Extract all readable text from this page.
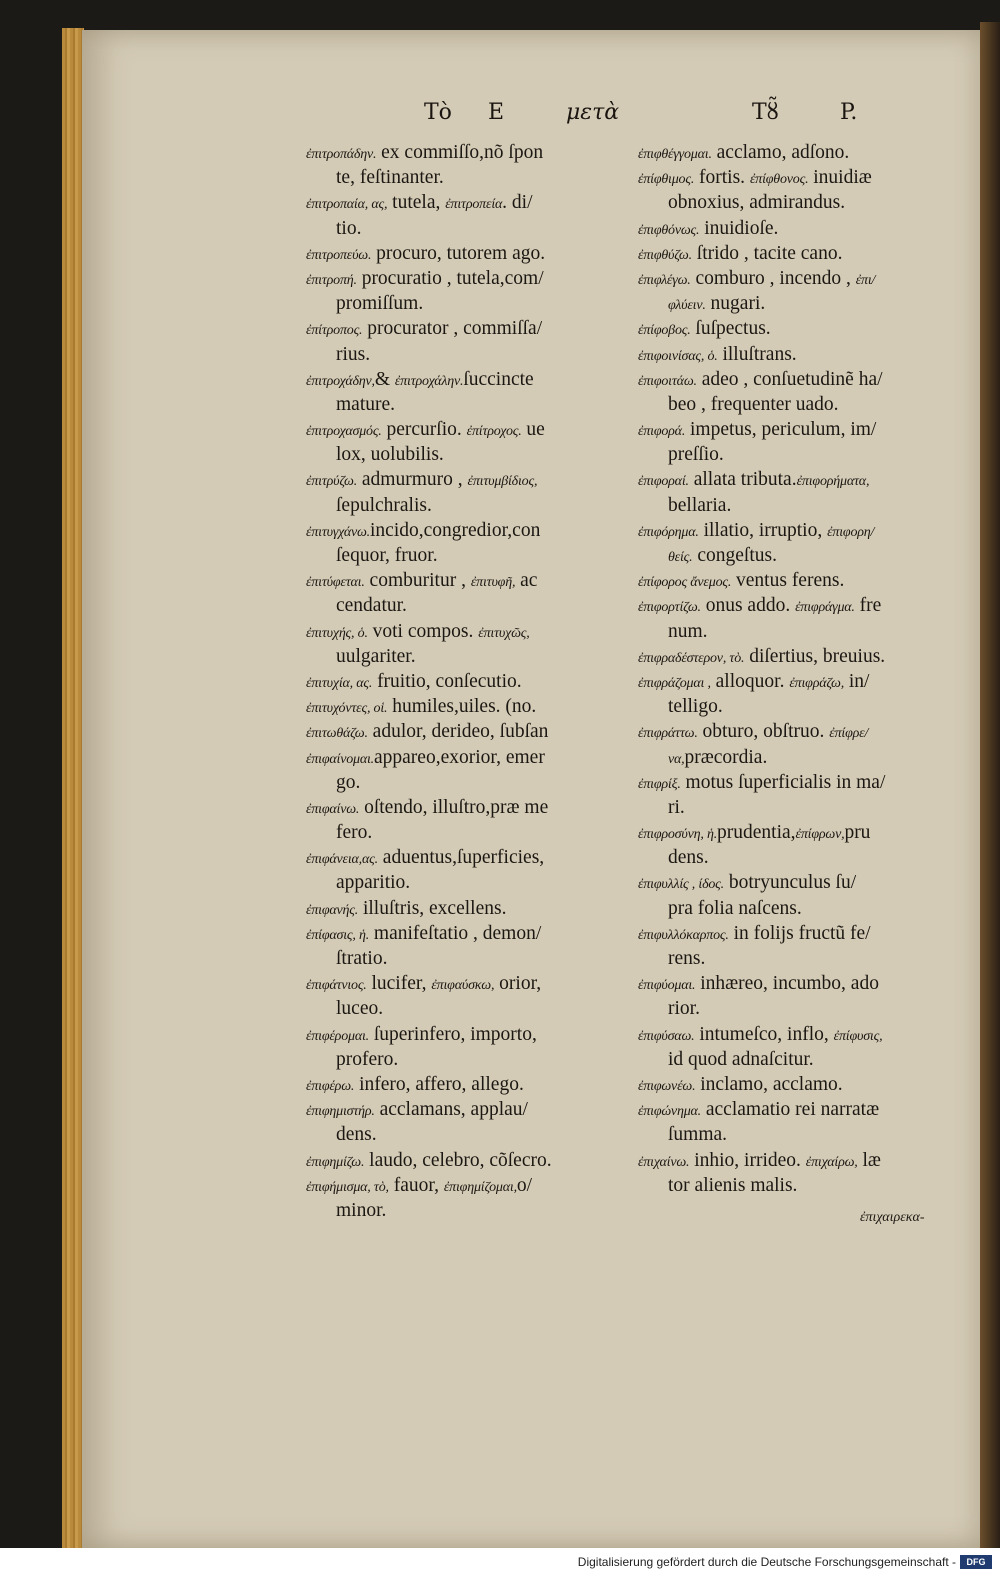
Τὸ E	μετὰ	Τȣ̃	P.
ἐπιτροπάδην. ex commiſſo,nõ ſpon
te, feſtinanter.
ἐπιτροπαία, ας, tutela, ἐπιτροπεία. di/
tio.
ἐπιτροπεύω. procuro, tutorem ago.
ἐπιτροπή. procuratio , tutela,com/
promiſſum.
ἐπίτροπος. procurator , commiſſa/
rius.
ἐπιτροχάδην,& ἐπιτροχάλην.ſuccincte
mature.
ἐπιτροχασμός. percurſio. ἐπίτροχος. ue
lox, uolubilis.
ἐπιτρύζω. admurmuro , ἐπιτυμβίδιος,
ſepulchralis.
ἐπιτυγχάνω.incido,congredior,con
ſequor, fruor.
ἐπιτύφεται. comburitur , ἐπιτυφῆ, ac
cendatur.
ἐπιτυχής, ὁ. voti compos. ἐπιτυχῶς,
uulgariter.
ἐπιτυχία, ας. fruitio, conſecutio.
ἐπιτυχόντες, οἱ. humiles,uiles. (no.
ἐπιτωθάζω. adulor, derideo, ſubſan
ἐπιφαίνομαι.appareo,exorior, emer
go.
ἐπιφαίνω. oſtendo, illuſtro,præ me
fero.
ἐπιφάνεια,ας. aduentus,ſuperficies,
apparitio.
ἐπιφανής. illuſtris, excellens.
ἐπίφασις, ἡ. manifeſtatio , demon/
ſtratio.
ἐπιφάτνιος. lucifer, ἐπιφαύσκω, orior,
luceo.
ἐπιφέρομαι. ſuperinfero, importo,
profero.
ἐπιφέρω. infero, affero, allego.
ἐπιφημιστήρ. acclamans, applau/
dens.
ἐπιφημίζω. laudo, celebro, cõſecro.
ἐπιφήμισμα, τὸ, fauor, ἐπιφημίζομαι,o/
minor.
ἐπιφθέγγομαι. acclamo, adſono.
ἐπίφθιμος. fortis. ἐπίφθονος. inuidiæ
obnoxius, admirandus.
ἐπιφθόνως. inuidioſe.
ἐπιφθύζω. ſtrido , tacite cano.
ἐπιφλέγω. comburo , incendo , ἐπι/
φλύειν. nugari.
ἐπίφοβος. ſuſpectus.
ἐπιφοινίσας, ὁ. illuſtrans.
ἐπιφοιτάω. adeo , conſuetudinẽ ha/
beo , frequenter uado.
ἐπιφορά. impetus, periculum, im/
preſſio.
ἐπιφοραί. allata tributa.ἐπιφορήματα,
bellaria.
ἐπιφόρημα. illatio, irruptio, ἐπιφορη/
θείς. congeſtus.
ἐπίφορος ἄνεμος. ventus ferens.
ἐπιφορτίζω. onus addo. ἐπιφράγμα. fre
num.
ἐπιφραδέστερον, τὸ. diſertius, breuius.
ἐπιφράζομαι , alloquor. ἐπιφράζω, in/
telligo.
ἐπιφράττω. obturo, obſtruo. ἐπίφρε/
να,præcordia.
ἐπιφρίξ. motus ſuperficialis in ma/
ri.
ἐπιφροσύνη, ἡ.prudentia,ἐπίφρων,pru
dens.
ἐπιφυλλίς , ίδος. botryunculus ſu/
pra folia naſcens.
ἐπιφυλλόκαρπος. in folijs fructũ fe/
rens.
ἐπιφύομαι. inhæreo, incumbo, ado
rior.
ἐπιφύσαω. intumeſco, inflo, ἐπίφυσις,
id quod adnaſcitur.
ἐπιφωνέω. inclamo, acclamo.
ἐπιφώνημα. acclamatio rei narratæ
ſumma.
ἐπιχαίνω. inhio, irrideo. ἐπιχαίρω, læ
tor alienis malis.
ἐπιχαιρεκα-
Digitalisierung gefördert durch die Deutsche Forschungsgemeinschaft -	DFG
